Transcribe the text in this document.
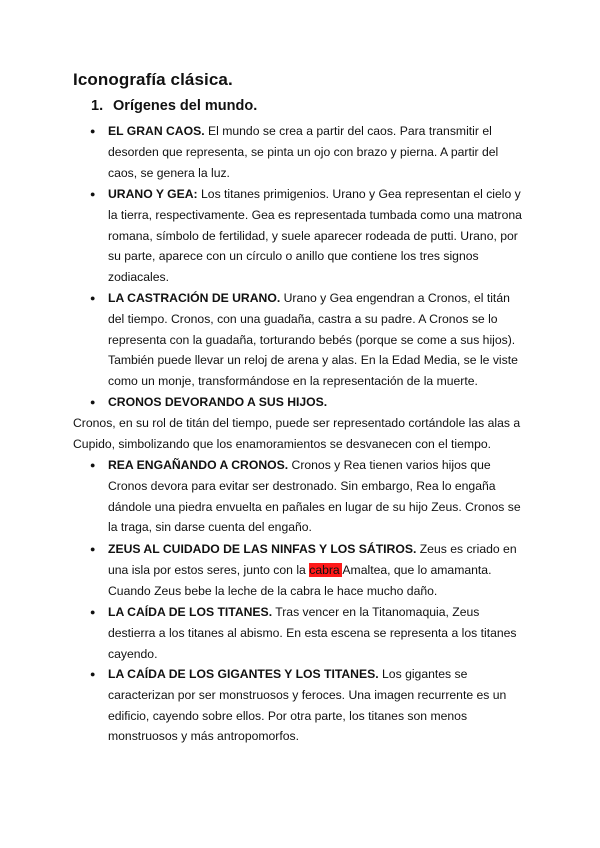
Iconografía clásica.
1. Orígenes del mundo.
● EL GRAN CAOS. El mundo se crea a partir del caos. Para transmitir el desorden que representa, se pinta un ojo con brazo y pierna. A partir del caos, se genera la luz.
● URANO Y GEA: Los titanes primigenios. Urano y Gea representan el cielo y la tierra, respectivamente. Gea es representada tumbada como una matrona romana, símbolo de fertilidad, y suele aparecer rodeada de putti. Urano, por su parte, aparece con un círculo o anillo que contiene los tres signos zodiacales.
● LA CASTRACIÓN DE URANO. Urano y Gea engendran a Cronos, el titán del tiempo. Cronos, con una guadaña, castra a su padre. A Cronos se lo representa con la guadaña, torturando bebés (porque se come a sus hijos). También puede llevar un reloj de arena y alas. En la Edad Media, se le viste como un monje, transformándose en la representación de la muerte.
● CRONOS DEVORANDO A SUS HIJOS.
Cronos, en su rol de titán del tiempo, puede ser representado cortándole las alas a Cupido, simbolizando que los enamoramientos se desvanecen con el tiempo.
● REA ENGAÑANDO A CRONOS. Cronos y Rea tienen varios hijos que Cronos devora para evitar ser destronado. Sin embargo, Rea lo engaña dándole una piedra envuelta en pañales en lugar de su hijo Zeus. Cronos se la traga, sin darse cuenta del engaño.
● ZEUS AL CUIDADO DE LAS NINFAS Y LOS SÁTIROS. Zeus es criado en una isla por estos seres, junto con la cabra Amaltea, que lo amamanta. Cuando Zeus bebe la leche de la cabra le hace mucho daño.
● LA CAÍDA DE LOS TITANES. Tras vencer en la Titanomaquia, Zeus destierra a los titanes al abismo. En esta escena se representa a los titanes cayendo.
● LA CAÍDA DE LOS GIGANTES Y LOS TITANES. Los gigantes se caracterizan por ser monstruosos y feroces. Una imagen recurrente es un edificio, cayendo sobre ellos. Por otra parte, los titanes son menos monstruosos y más antropomorfos.
